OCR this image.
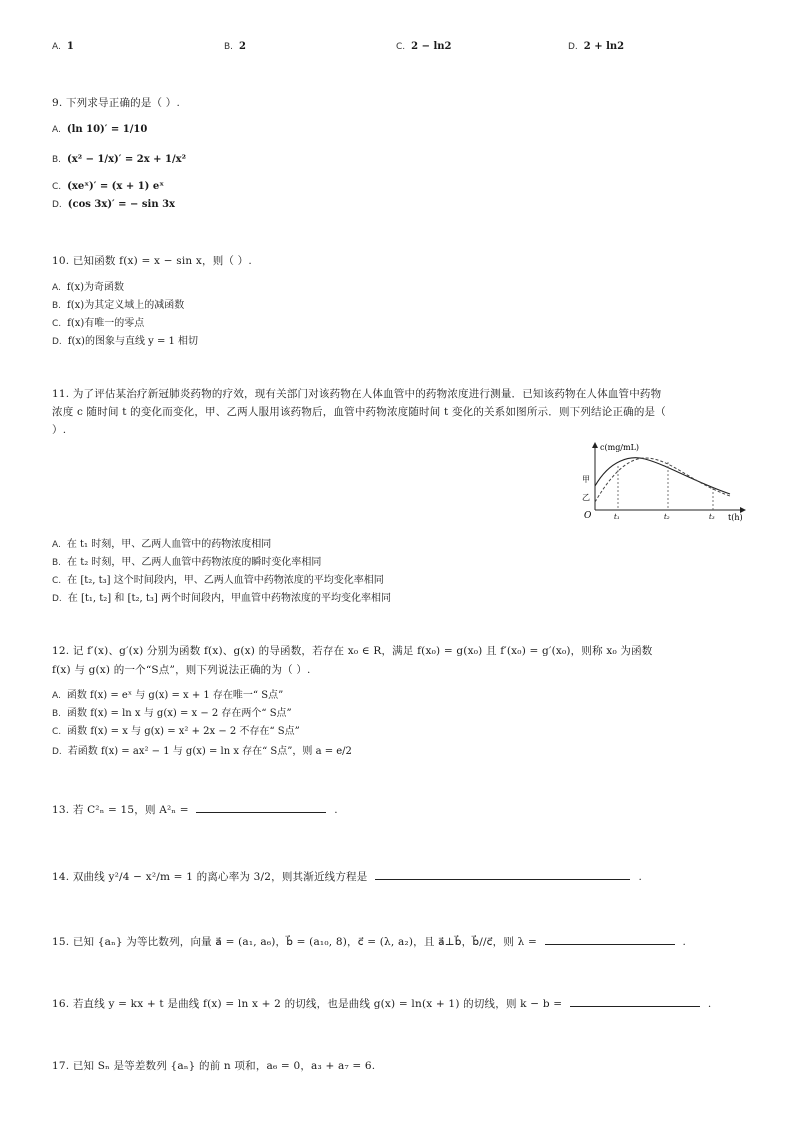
A. 1	B. 2	C. 2 − ln2	D. 2 + ln2
9. 下列求导正确的是（ ）.
A. (ln 10)′ = 1/10
B. (x² − 1/x)′ = 2x + 1/x²
C. (xeˣ)′ = (x + 1) eˣ
D. (cos 3x)′ = − sin 3x
10. 已知函数 f(x) = x − sin x，则（ ）.
A. f(x)为奇函数
B. f(x)为其定义域上的减函数
C. f(x)有唯一的零点
D. f(x)的图象与直线 y = 1 相切
11. 为了评估某治疗新冠肺炎药物的疗效，现有关部门对该药物在人体血管中的药物浓度进行测量．已知该药物在人体血管中药物
浓度 c 随时间 t 的变化而变化，甲、乙两人服用该药物后，血管中药物浓度随时间 t 变化的关系如图所示．则下列结论正确的是（
）.
c(mg/mL)
t(h)
O
甲
乙
t₁	t₂	t₃
A. 在 t₁ 时刻，甲、乙两人血管中的药物浓度相同
B. 在 t₂ 时刻，甲、乙两人血管中药物浓度的瞬时变化率相同
C. 在 [t₂, t₃] 这个时间段内，甲、乙两人血管中药物浓度的平均变化率相同
D. 在 [t₁, t₂] 和 [t₂, t₃] 两个时间段内，甲血管中药物浓度的平均变化率相同
12. 记 f′(x)、g′(x) 分别为函数 f(x)、g(x) 的导函数，若存在 x₀ ∈ R，满足 f(x₀) = g(x₀) 且 f′(x₀) = g′(x₀)，则称 x₀ 为函数
f(x) 与 g(x) 的一个“S点”，则下列说法正确的为（ ）.
A. 函数 f(x) = eˣ 与 g(x) = x + 1 存在唯一“ S点”
B. 函数 f(x) = ln x 与 g(x) = x − 2 存在两个“ S点”
C. 函数 f(x) = x 与 g(x) = x² + 2x − 2 不存在“ S点”
D. 若函数 f(x) = ax² − 1 与 g(x) = ln x 存在“ S点”，则 a = e/2
13. 若 C²ₙ = 15，则 A²ₙ =	.
14. 双曲线 y²/4 − x²/m = 1 的离心率为 3/2，则其渐近线方程是	.
15. 已知 {aₙ} 为等比数列，向量 a⃗ = (a₁, a₆)，b⃗ = (a₁₀, 8)，c⃗ = (λ, a₂)，且 a⃗⊥b⃗，b⃗//c⃗，则 λ =	.
16. 若直线 y = kx + t 是曲线 f(x) = ln x + 2 的切线，也是曲线 g(x) = ln(x + 1) 的切线，则 k − b =	.
17. 已知 Sₙ 是等差数列 {aₙ} 的前 n 项和，a₆ = 0，a₃ + a₇ = 6.
